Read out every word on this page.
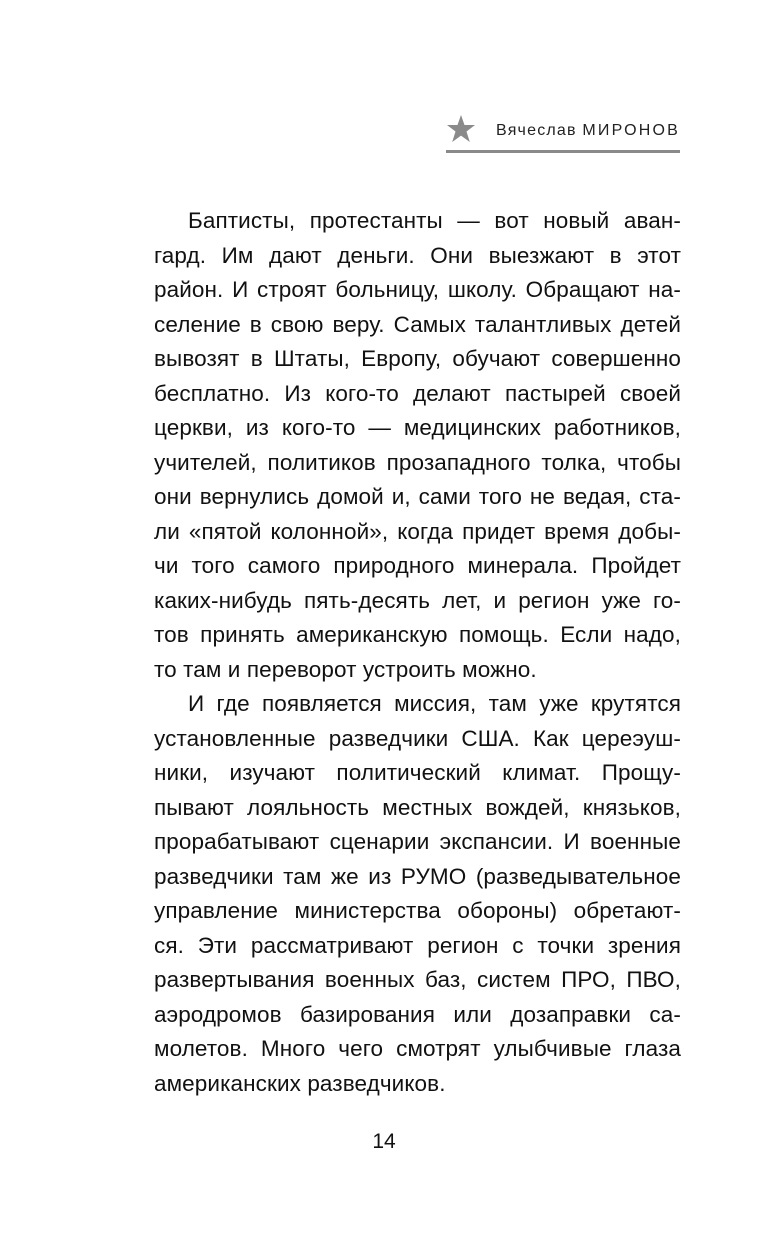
Вячеслав МИРОНОВ
Баптисты, протестанты — вот новый аван-
гард. Им дают деньги. Они выезжают в этот
район. И строят больницу, школу. Обращают на-
селение в свою веру. Самых талантливых детей
вывозят в Штаты, Европу, обучают совершенно
бесплатно. Из кого-то делают пастырей своей
церкви, из кого-то — медицинских работников,
учителей, политиков прозападного толка, чтобы
они вернулись домой и, сами того не ведая, ста-
ли «пятой колонной», когда придет время добы-
чи того самого природного минерала. Пройдет
каких-нибудь пять-десять лет, и регион уже го-
тов принять американскую помощь. Если надо,
то там и переворот устроить можно.
И где появляется миссия, там уже крутятся
установленные разведчики США. Как цереэуш-
ники, изучают политический климат. Прощу-
пывают лояльность местных вождей, князьков,
прорабатывают сценарии экспансии. И военные
разведчики там же из РУМО (разведывательное
управление министерства обороны) обретают-
ся. Эти рассматривают регион с точки зрения
развертывания военных баз, систем ПРО, ПВО,
аэродромов базирования или дозаправки са-
молетов. Много чего смотрят улыбчивые глаза
американских разведчиков.
14
